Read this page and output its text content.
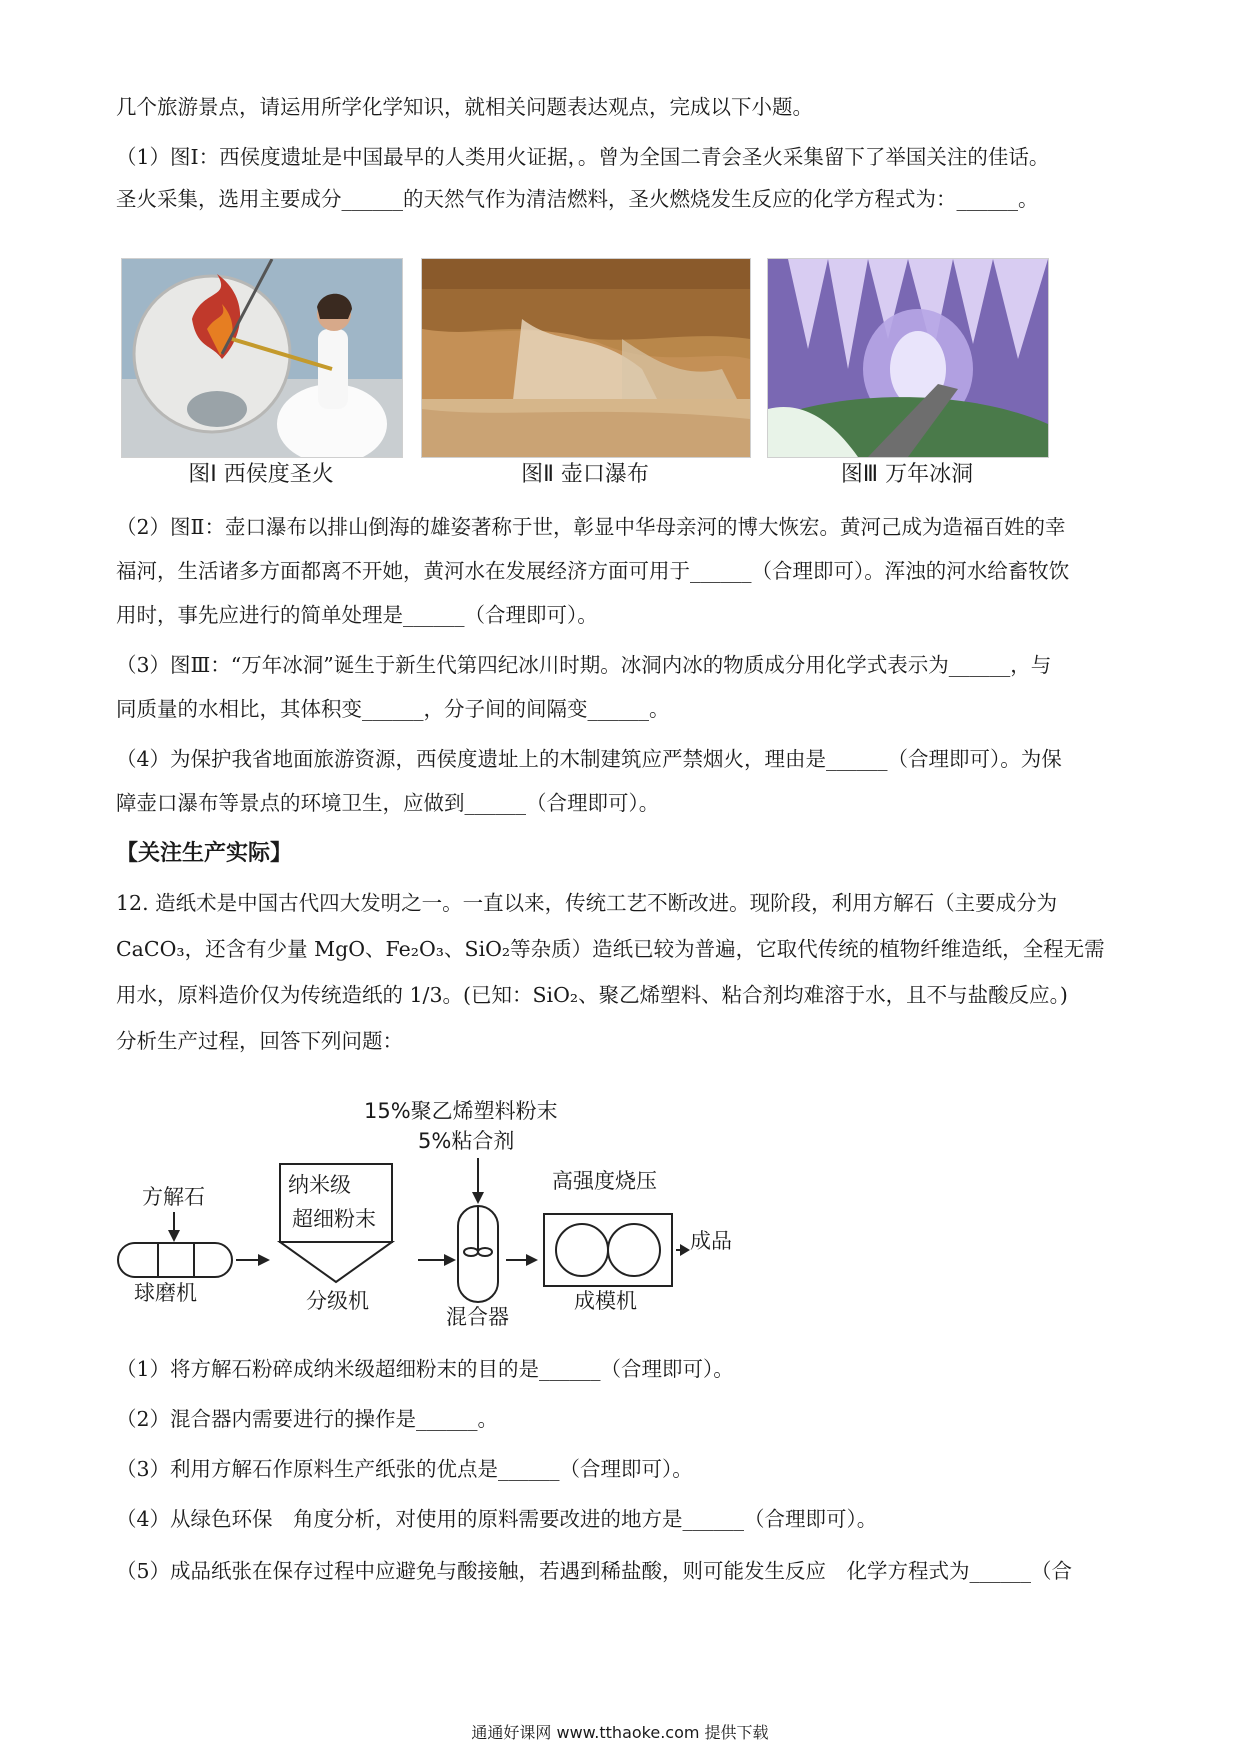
几个旅游景点，请运用所学化学知识，就相关问题表达观点，完成以下小题。
（1）图Ⅰ：西侯度遗址是中国最早的人类用火证据，。曾为全国二青会圣火采集留下了举国关注的佳话。
圣火采集，选用主要成分______的天然气作为清洁燃料，圣火燃烧发生反应的化学方程式为：______。
图Ⅰ 西侯度圣火	图Ⅱ 壶口瀑布	图Ⅲ 万年冰洞
（2）图Ⅱ：壶口瀑布以排山倒海的雄姿著称于世，彰显中华母亲河的博大恢宏。黄河己成为造福百姓的幸
福河，生活诸多方面都离不开她，黄河水在发展经济方面可用于______（合理即可）。浑浊的河水给畜牧饮
用时，事先应进行的简单处理是______（合理即可）。
（3）图Ⅲ：“万年冰洞”诞生于新生代第四纪冰川时期。冰洞内冰的物质成分用化学式表示为______，与
同质量的水相比，其体积变______，分子间的间隔变______。
（4）为保护我省地面旅游资源，西侯度遗址上的木制建筑应严禁烟火，理由是______（合理即可）。为保
障壶口瀑布等景点的环境卫生，应做到______（合理即可）。
【关注生产实际】
12. 造纸术是中国古代四大发明之一。一直以来，传统工艺不断改进。现阶段，利用方解石（主要成分为
CaCO₃，还含有少量 MgO、Fe₂O₃、SiO₂等杂质）造纸已较为普遍，它取代传统的植物纤维造纸，全程无需
用水，原料造价仅为传统造纸的 1/3。(已知：SiO₂、聚乙烯塑料、粘合剂均难溶于水，且不与盐酸反应。)
分析生产过程，回答下列问题：
15%聚乙烯塑料粉末
5%粘合剂
方解石	纳米级
超细粉末
高强度烧压
成品
球磨机	分级机	成模机
混合器
（1）将方解石粉碎成纳米级超细粉末的目的是______（合理即可）。
（2）混合器内需要进行的操作是______。
（3）利用方解石作原料生产纸张的优点是______（合理即可）。
（4）从绿色环保　角度分析，对使用的原料需要改进的地方是______（合理即可）。
（5）成品纸张在保存过程中应避免与酸接触，若遇到稀盐酸，则可能发生反应　化学方程式为______（合
通通好课网 www.tthaoke.com 提供下载
